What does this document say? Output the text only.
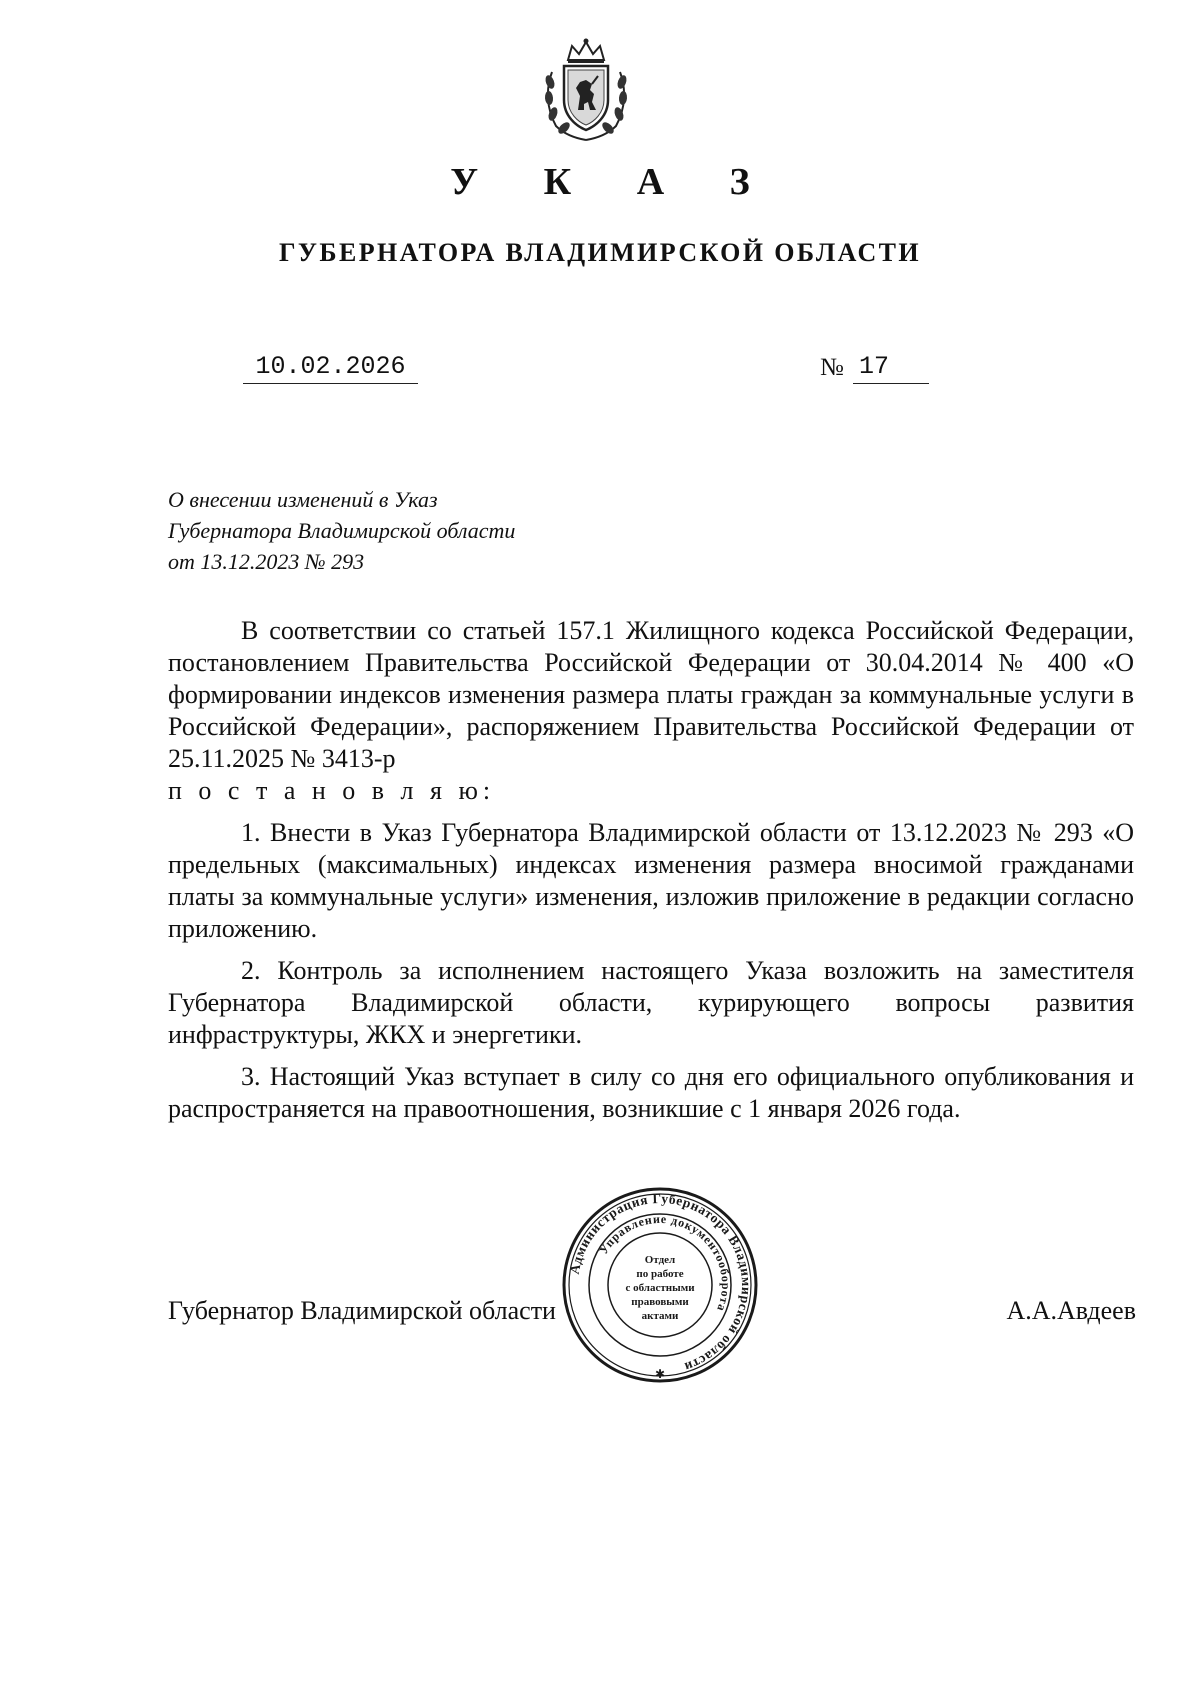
У К А З
ГУБЕРНАТОРА ВЛАДИМИРСКОЙ ОБЛАСТИ
10.02.2026	№ 17
О внесении изменений в Указ
Губернатора Владимирской области
от 13.12.2023 № 293

В соответствии со статьей 157.1 Жилищного кодекса Российской Федерации, постановлением Правительства Российской Федерации от 30.04.2014 № 400 «О формировании индексов изменения размера платы граждан за коммунальные услуги в Российской Федерации», распоряжением Правительства Российской Федерации от 25.11.2025 № 3413-р
п о с т а н о в л я ю:

1. Внести в Указ Губернатора Владимирской области от 13.12.2023 № 293 «О предельных (максимальных) индексах изменения размера вносимой гражданами платы за коммунальные услуги» изменения, изложив приложение в редакции согласно приложению.

2. Контроль за исполнением настоящего Указа возложить на заместителя Губернатора Владимирской области, курирующего вопросы развития инфраструктуры, ЖКХ и энергетики.

3. Настоящий Указ вступает в силу со дня его официального опубликования и распространяется на правоотношения, возникшие с 1 января 2026 года.

Губернатор Владимирской области	А.А.Авдеев
Администрация Губернатора Владимирской области
Управление документооборота
Отдел
по работе
с областными
правовыми
актами
✱
